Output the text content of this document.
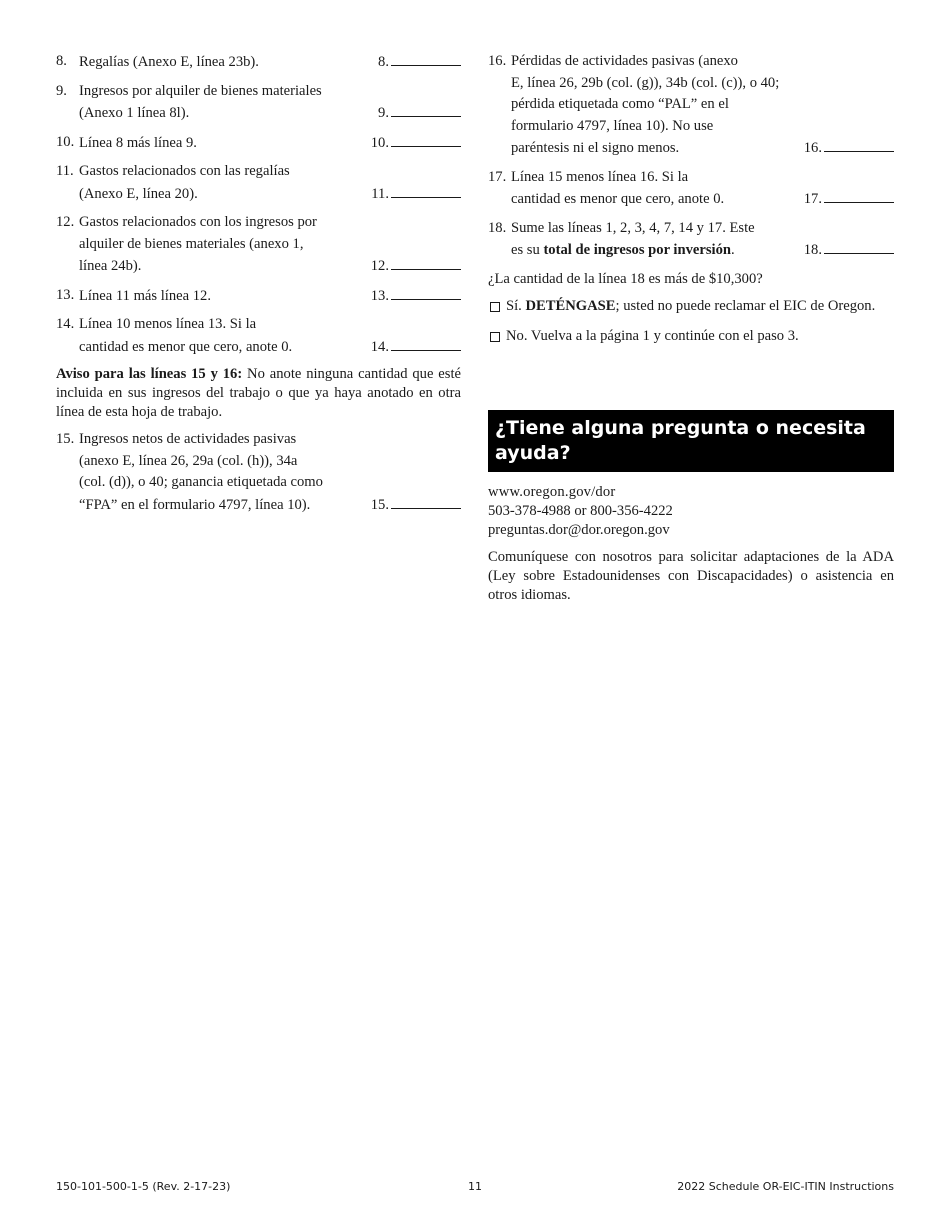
8. Regalías (Anexo E, línea 23b).	8.
9. Ingresos por alquiler de bienes materiales
(Anexo 1 línea 8l).	9.
10. Línea 8 más línea 9.	10.
11. Gastos relacionados con las regalías
(Anexo E, línea 20).	11.
12. Gastos relacionados con los ingresos por
alquiler de bienes materiales (anexo 1,
línea 24b).	12.
13. Línea 11 más línea 12.	13.
14. Línea 10 menos línea 13. Si la
cantidad es menor que cero, anote 0.	14.

Aviso para las líneas 15 y 16: No anote ninguna cantidad que esté incluida en sus ingresos del trabajo o que ya haya anotado en otra línea de esta hoja de trabajo.

15. Ingresos netos de actividades pasivas
(anexo E, línea 26, 29a (col. (h)), 34a
(col. (d)), o 40; ganancia etiquetada como
“FPA” en el formulario 4797, línea 10).	15.
16. Pérdidas de actividades pasivas (anexo
E, línea 26, 29b (col. (g)), 34b (col. (c)), o 40;
pérdida etiquetada como “PAL” en el
formulario 4797, línea 10). No use
paréntesis ni el signo menos.	16.
17. Línea 15 menos línea 16. Si la
cantidad es menor que cero, anote 0.	17.
18. Sume las líneas 1, 2, 3, 4, 7, 14 y 17. Este
es su total de ingresos por inversión.	18.

¿La cantidad de la línea 18 es más de $10,300?

Sí. DETÉNGASE; usted no puede reclamar el EIC de Oregon.
No. Vuelva a la página 1 y continúe con el paso 3.
¿Tiene alguna pregunta o necesita ayuda?
www.oregon.gov/dor
503-378-4988 or 800-356-4222
preguntas.dor@dor.oregon.gov

Comuníquese con nosotros para solicitar adaptaciones de la ADA (Ley sobre Estadounidenses con Discapacidades) o asistencia en otros idiomas.

150-101-500-1-5 (Rev. 2-17-23)	11	2022 Schedule OR-EIC-ITIN Instructions
